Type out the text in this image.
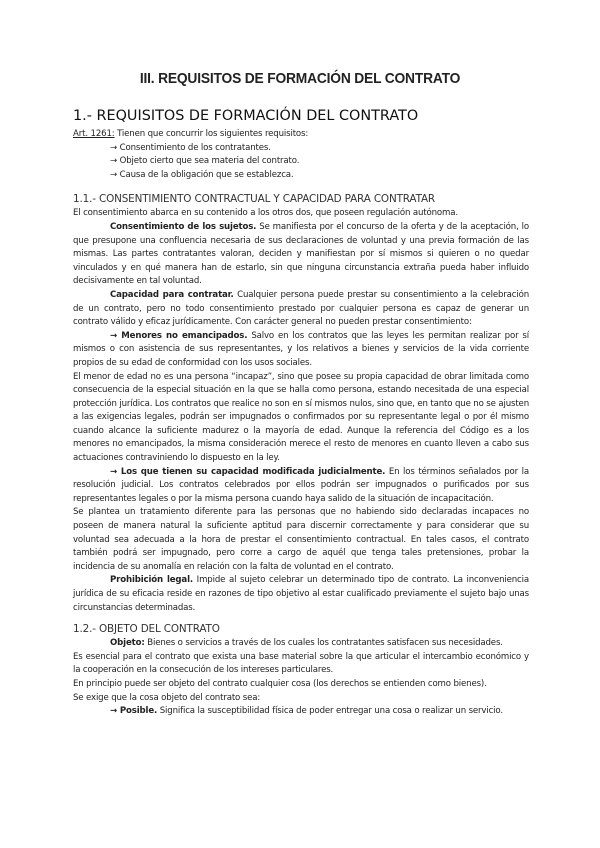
III. REQUISITOS DE FORMACIÓN DEL CONTRATO
1.- REQUISITOS DE FORMACIÓN DEL CONTRATO

Art. 1261: Tienen que concurrir los siguientes requisitos:

→ Consentimiento de los contratantes.

→ Objeto cierto que sea materia del contrato.

→ Causa de la obligación que se establezca.

1.1.- CONSENTIMIENTO CONTRACTUAL Y CAPACIDAD PARA CONTRATAR

El consentimiento abarca en su contenido a los otros dos, que poseen regulación autónoma.

Consentimiento de los sujetos. Se manifiesta por el concurso de la oferta y de la aceptación, lo que presupone una confluencia necesaria de sus declaraciones de voluntad y una previa formación de las mismas. Las partes contratantes valoran, deciden y manifiestan por sí mismos si quieren o no quedar vinculados y en qué manera han de estarlo, sin que ninguna circunstancia extraña pueda haber influido decisivamente en tal voluntad.

Capacidad para contratar. Cualquier persona puede prestar su consentimiento a la celebración de un contrato, pero no todo consentimiento prestado por cualquier persona es capaz de generar un contrato válido y eficaz jurídicamente. Con carácter general no pueden prestar consentimiento:

→ Menores no emancipados. Salvo en los contratos que las leyes les permitan realizar por sí mismos o con asistencia de sus representantes, y los relativos a bienes y servicios de la vida corriente propios de su edad de conformidad con los usos sociales.

El menor de edad no es una persona “incapaz”, sino que posee su propia capacidad de obrar limitada como consecuencia de la especial situación en la que se halla como persona, estando necesitada de una especial protección jurídica. Los contratos que realice no son en sí mismos nulos, sino que, en tanto que no se ajusten a las exigencias legales, podrán ser impugnados o confirmados por su representante legal o por él mismo cuando alcance la suficiente madurez o la mayoría de edad. Aunque la referencia del Código es a los menores no emancipados, la misma consideración merece el resto de menores en cuanto lleven a cabo sus actuaciones contraviniendo lo dispuesto en la ley.

→ Los que tienen su capacidad modificada judicialmente. En los términos señalados por la resolución judicial. Los contratos celebrados por ellos podrán ser impugnados o purificados por sus representantes legales o por la misma persona cuando haya salido de la situación de incapacitación.

Se plantea un tratamiento diferente para las personas que no habiendo sido declaradas incapaces no poseen de manera natural la suficiente aptitud para discernir correctamente y para considerar que su voluntad sea adecuada a la hora de prestar el consentimiento contractual. En tales casos, el contrato también podrá ser impugnado, pero corre a cargo de aquél que tenga tales pretensiones, probar la incidencia de su anomalía en relación con la falta de voluntad en el contrato.

Prohibición legal. Impide al sujeto celebrar un determinado tipo de contrato. La inconveniencia jurídica de su eficacia reside en razones de tipo objetivo al estar cualificado previamente el sujeto bajo unas circunstancias determinadas.

1.2.- OBJETO DEL CONTRATO

Objeto: Bienes o servicios a través de los cuales los contratantes satisfacen sus necesidades.

Es esencial para el contrato que exista una base material sobre la que articular el intercambio económico y la cooperación en la consecución de los intereses particulares.

En principio puede ser objeto del contrato cualquier cosa (los derechos se entienden como bienes).

Se exige que la cosa objeto del contrato sea:

→ Posible. Significa la susceptibilidad física de poder entregar una cosa o realizar un servicio.
